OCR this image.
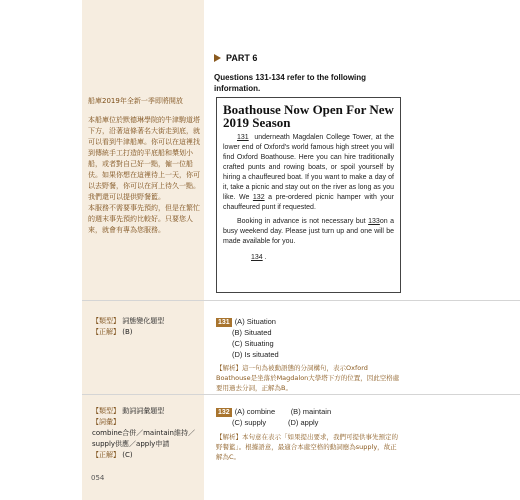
船庫2019年全新一季即將開放

本船庫位於默德琳學院的牛津駒道塔下方，沿著這條著名大街走到底，就可以看到牛津船庫。你可以在這裡找到傳統手工打造的平底船和槳划小船，或者對自己好一點，僱一位船伕。如果你想在這裡待上一天，你可以去野餐，你可以在河上待久一點。我們還可以提供野餐籃。

本服務不需要事先預約，但是在繁忙的週末事先預約比較好。只要您人來，就會有專為您服務。

PART 6
Questions 131-134 refer to the following information.
Boathouse Now Open For New 2019 Season

131 underneath Magdalen College Tower, at the lower end of Oxford's world famous high street you will find Oxford Boathouse. Here you can hire traditionally crafted punts and rowing boats, or spoil yourself by hiring a chauffeured boat. If you want to make a day of it, take a picnic and stay out on the river as long as you like. We 132 a pre-ordered picnic hamper with your chauffeured punt if requested.

Booking in advance is not necessary but 133on a busy weekend day. Please just turn up and one will be made available for you.

134 .

【類型】 詞態變化題型

【正解】 (B)

131 (A) Situation
(B) Situated
(C) Situating
(D) Is situated
【解析】這一句為被動語態的分詞構句，表示Oxford Boathouse是坐落於Magdalon大學塔下方的位置，因此空格處要用過去分詞，正解為B。

【類型】 動詞詞彙題型

【詞彙】

combine合併／maintain維持／supply供應／apply申請

【正解】 (C)

132 (A) combine (B) maintain
(C) supply	(D) apply
【解析】本句意在表示「如果提出要求，我們可提供事先預定的野餐籃」。根據語意，最適合本處空格的動詞應為supply，故正解為C。
054
